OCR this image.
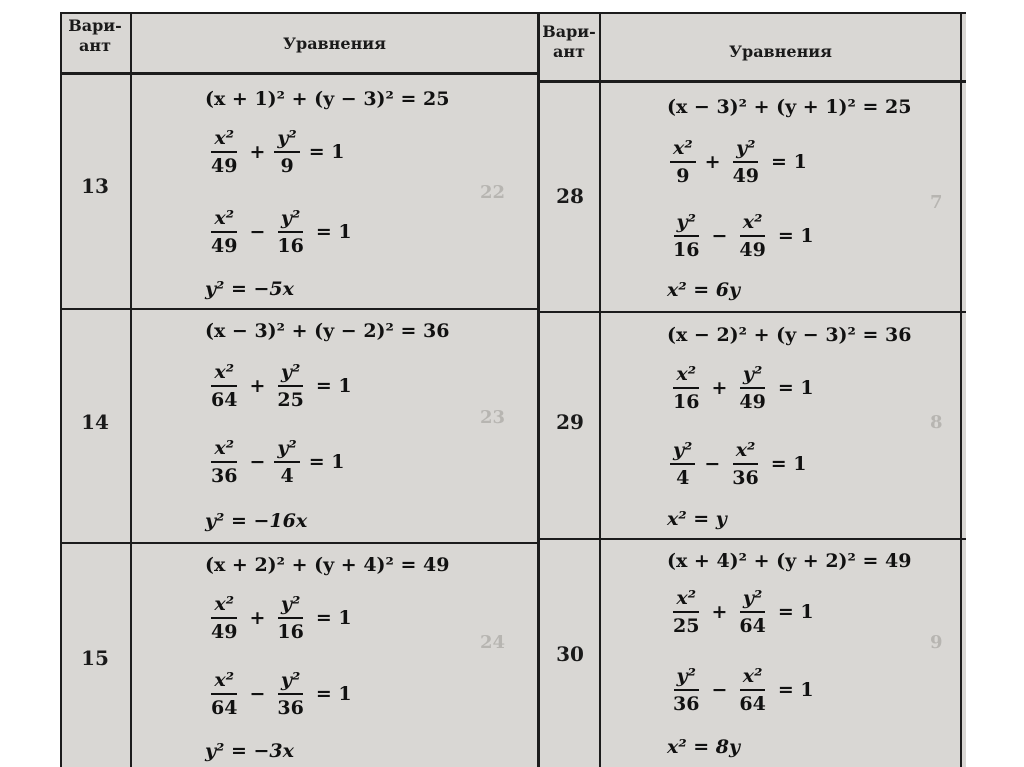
22
23
24
7
8
9
Вари-
ант	Уравнения
Вари-
ант	Уравнения
13
(x + 1)² + (y − 3)² = 25
$\frac{\text{x²}}{49} + \frac{\text{y²}}{9} = 1$
$\frac{\text{x²}}{49} - \frac{\text{y²}}{16} = 1$
y² = −5x
28
(x − 3)² + (y + 1)² = 25
$\frac{\text{x²}}{9} + \frac{\text{y²}}{49} = 1$
$\frac{\text{y²}}{16} - \frac{\text{x²}}{49} = 1$
x² = 6y
14
(x − 3)² + (y − 2)² = 36
$\frac{\text{x²}}{64} + \frac{\text{y²}}{25} = 1$
$\frac{\text{x²}}{36} - \frac{\text{y²}}{4} = 1$
y² = −16x
29
(x − 2)² + (y − 3)² = 36
$\frac{\text{x²}}{16} + \frac{\text{y²}}{49} = 1$
$\frac{\text{y²}}{4} - \frac{\text{x²}}{36} = 1$
x² = y
15
(x + 2)² + (y + 4)² = 49
$\frac{\text{x²}}{49} + \frac{\text{y²}}{16} = 1$
$\frac{\text{x²}}{64} - \frac{\text{y²}}{36} = 1$
y² = −3x
30
(x + 4)² + (y + 2)² = 49
$\frac{\text{x²}}{25} + \frac{\text{y²}}{64} = 1$
$\frac{\text{y²}}{36} - \frac{\text{x²}}{64} = 1$
x² = 8y
